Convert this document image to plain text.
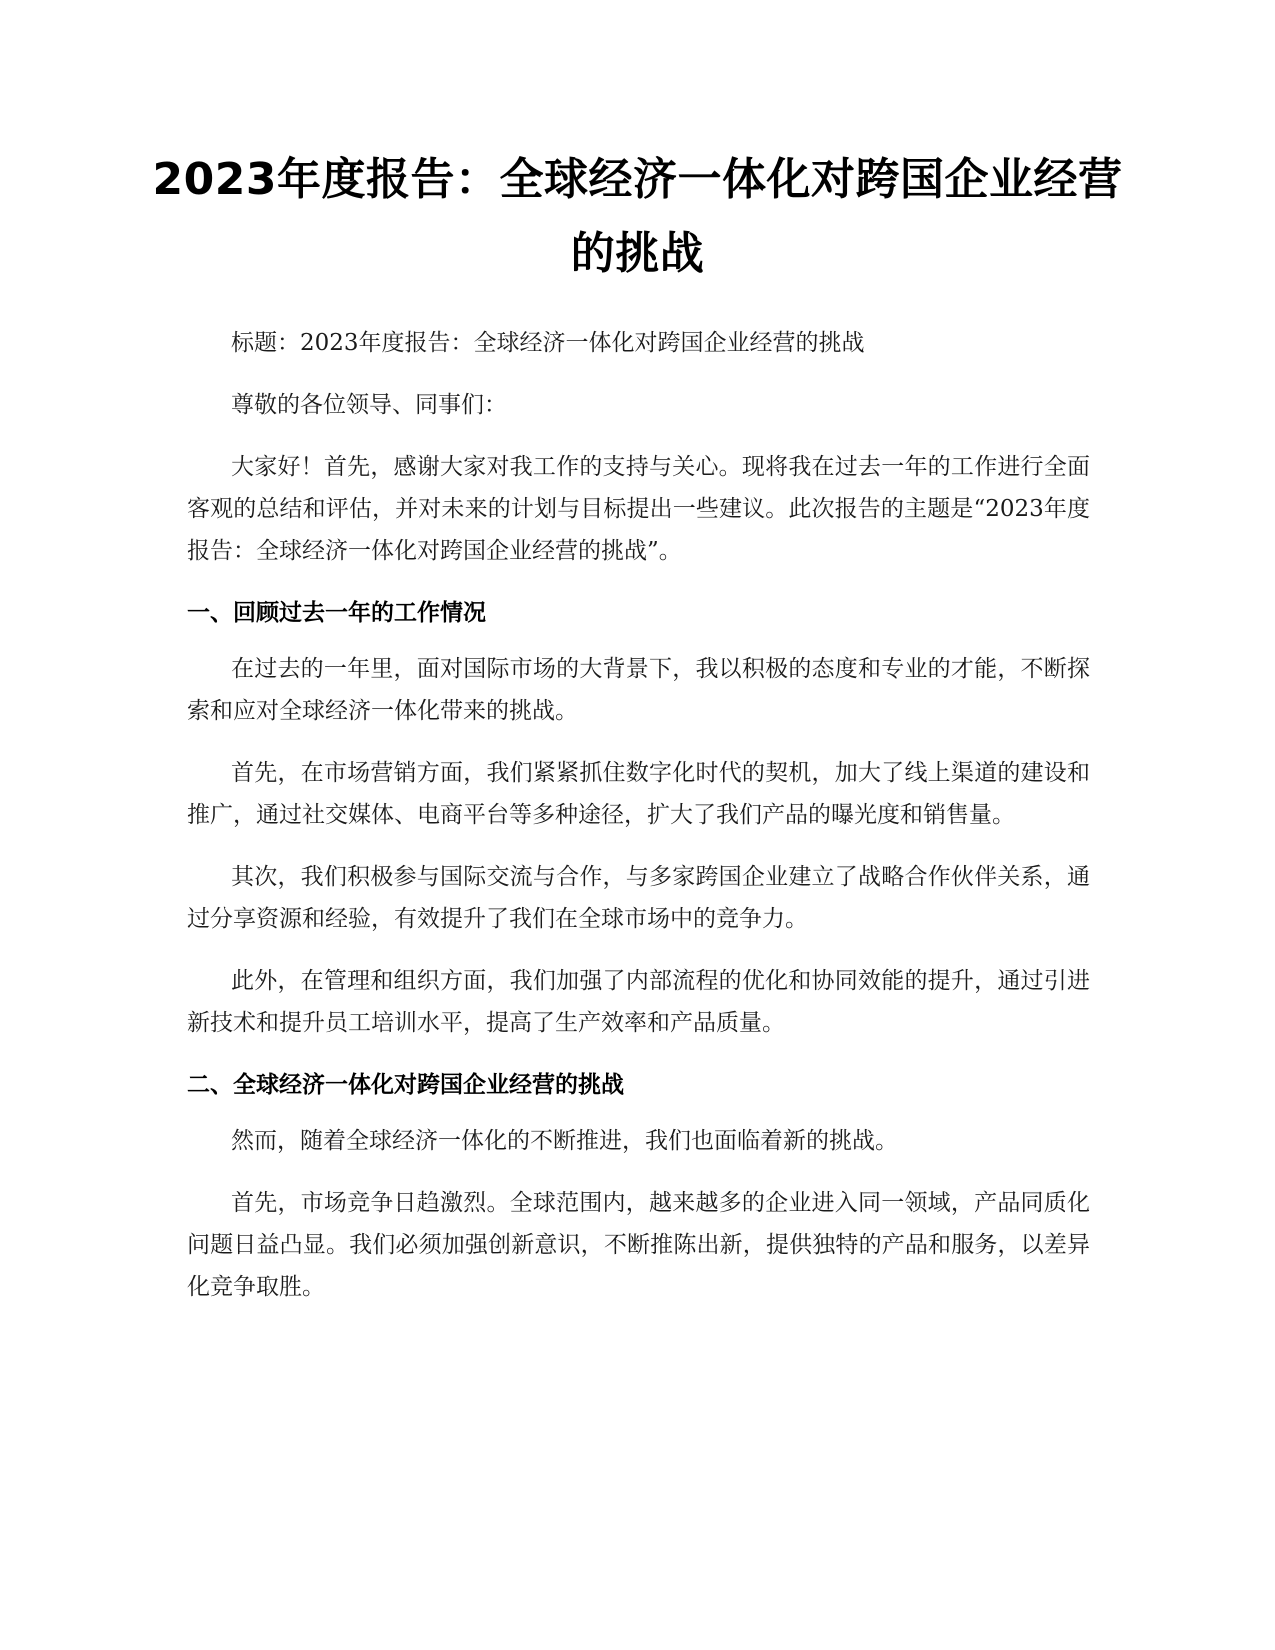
2023年度报告：全球经济一体化对跨国企业经营的挑战

标题：2023年度报告：全球经济一体化对跨国企业经营的挑战

尊敬的各位领导、同事们：

大家好！首先，感谢大家对我工作的支持与关心。现将我在过去一年的工作进行全面客观的总结和评估，并对未来的计划与目标提出一些建议。此次报告的主题是“2023年度报告：全球经济一体化对跨国企业经营的挑战”。

一、回顾过去一年的工作情况

在过去的一年里，面对国际市场的大背景下，我以积极的态度和专业的才能，不断探索和应对全球经济一体化带来的挑战。

首先，在市场营销方面，我们紧紧抓住数字化时代的契机，加大了线上渠道的建设和推广，通过社交媒体、电商平台等多种途径，扩大了我们产品的曝光度和销售量。

其次，我们积极参与国际交流与合作，与多家跨国企业建立了战略合作伙伴关系，通过分享资源和经验，有效提升了我们在全球市场中的竞争力。

此外，在管理和组织方面，我们加强了内部流程的优化和协同效能的提升，通过引进新技术和提升员工培训水平，提高了生产效率和产品质量。

二、全球经济一体化对跨国企业经营的挑战

然而，随着全球经济一体化的不断推进，我们也面临着新的挑战。

首先，市场竞争日趋激烈。全球范围内，越来越多的企业进入同一领域，产品同质化问题日益凸显。我们必须加强创新意识，不断推陈出新，提供独特的产品和服务，以差异化竞争取胜。
